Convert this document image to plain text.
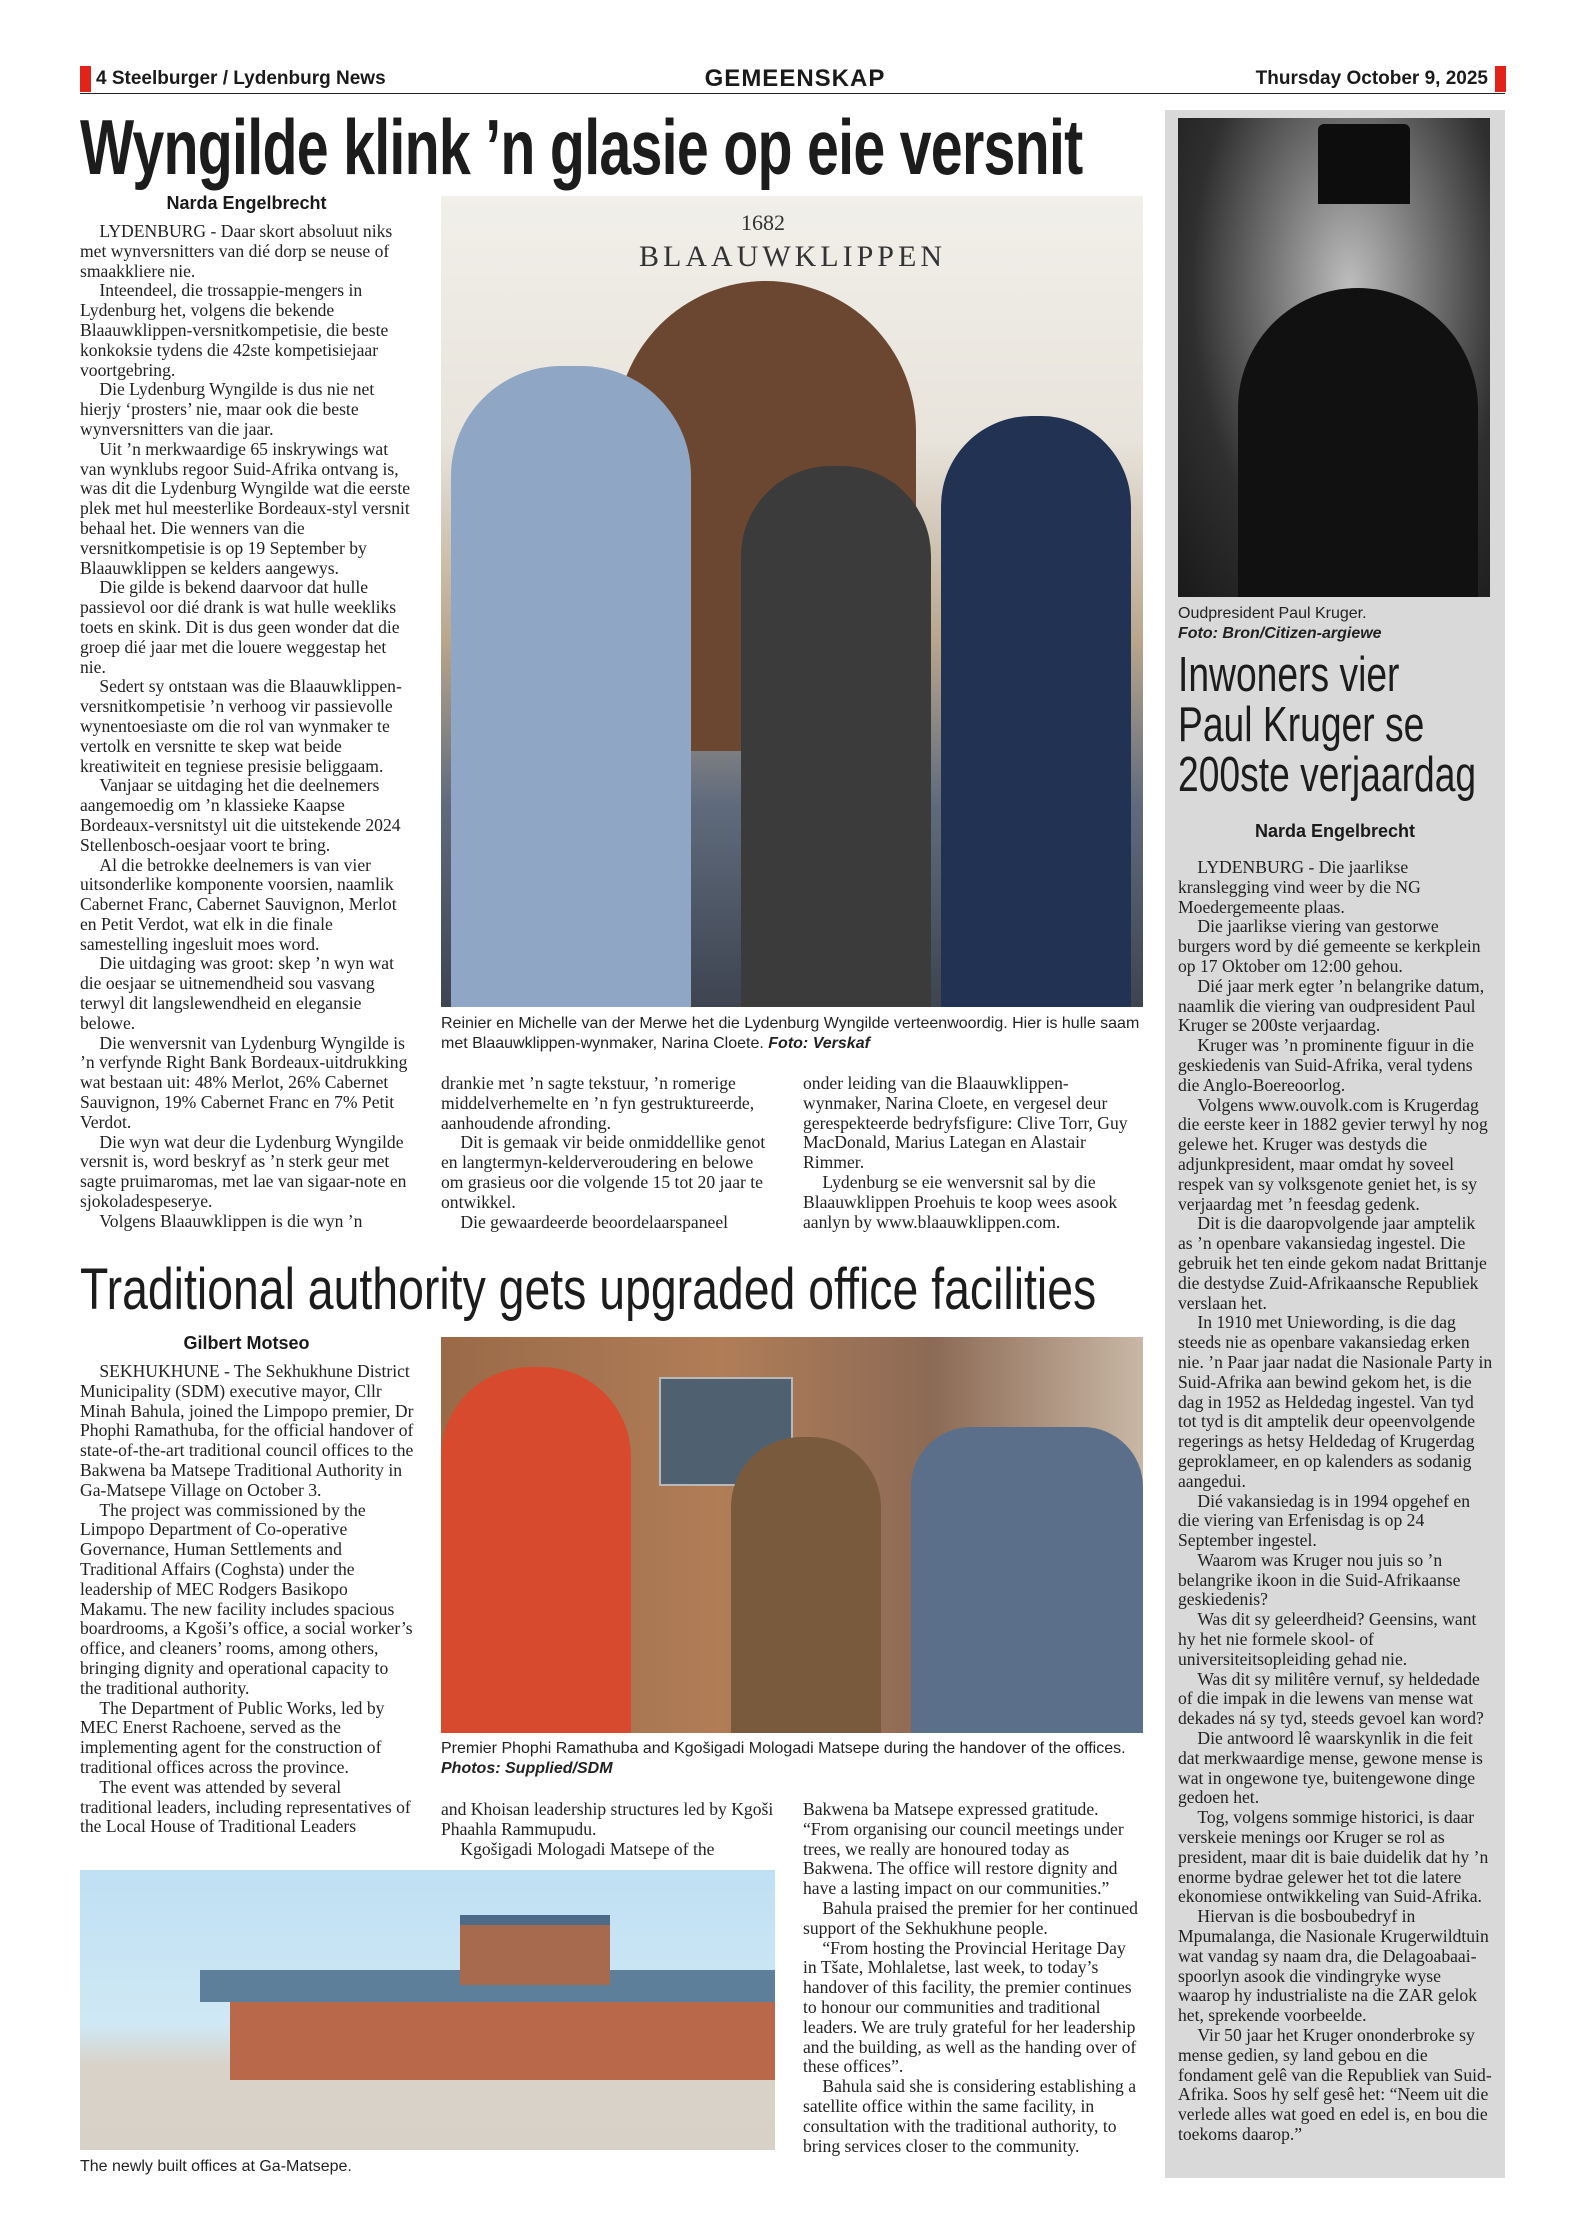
4 Steelburger / Lydenburg News	GEMEENSKAP	Thursday October 9, 2025
Wyngilde klink ’n glasie op eie versnit
Narda Engelbrecht

LYDENBURG - Daar skort absoluut niks met wynversnitters van dié dorp se neuse of smaakkliere nie.

Inteendeel, die trossappie-mengers in Lydenburg het, volgens die bekende Blaauwklippen-versnitkompetisie, die beste konkoksie tydens die 42ste kompetisiejaar voortgebring.

Die Lydenburg Wyngilde is dus nie net hierjy ‘prosters’ nie, maar ook die beste wynversnitters van die jaar.

Uit ’n merkwaardige 65 inskrywings wat van wynklubs regoor Suid-Afrika ontvang is, was dit die Lydenburg Wyngilde wat die eerste plek met hul meesterlike Bordeaux-styl versnit behaal het. Die wenners van die versnitkompetisie is op 19 September by Blaauwklippen se kelders aangewys.

Die gilde is bekend daarvoor dat hulle passievol oor dié drank is wat hulle weekliks toets en skink. Dit is dus geen wonder dat die groep dié jaar met die louere weggestap het nie.

Sedert sy ontstaan was die Blaauwklippen-versnitkompetisie ’n verhoog vir passievolle wynentoesiaste om die rol van wynmaker te vertolk en versnitte te skep wat beide kreatiwiteit en tegniese presisie beliggaam.

Vanjaar se uitdaging het die deelnemers aangemoedig om ’n klassieke Kaapse Bordeaux-versnitstyl uit die uitstekende 2024 Stellenbosch-oesjaar voort te bring.

Al die betrokke deelnemers is van vier uitsonderlike komponente voorsien, naamlik Cabernet Franc, Cabernet Sauvignon, Merlot en Petit Verdot, wat elk in die finale samestelling ingesluit moes word.

Die uitdaging was groot: skep ’n wyn wat die oesjaar se uitnemendheid sou vasvang terwyl dit langslewendheid en elegansie belowe.

Die wenversnit van Lydenburg Wyngilde is ’n verfynde Right Bank Bordeaux-uitdrukking wat bestaan uit: 48% Merlot, 26% Cabernet Sauvignon, 19% Cabernet Franc en 7% Petit Verdot.

Die wyn wat deur die Lydenburg Wyngilde versnit is, word beskryf as ’n sterk geur met sagte pruimaromas, met lae van sigaar-note en sjokoladespeserye.

Volgens Blaauwklippen is die wyn ’n

1682
BLAAUWKLIPPEN
Reinier en Michelle van der Merwe het die Lydenburg Wyngilde verteenwoordig. Hier is hulle saam met Blaauwklippen-wynmaker, Narina Cloete. Foto: Verskaf

drankie met ’n sagte tekstuur, ’n romerige middelverhemelte en ’n fyn gestruktureerde, aanhoudende afronding.

Dit is gemaak vir beide onmiddellike genot en langtermyn-kelderveroudering en belowe om grasieus oor die volgende 15 tot 20 jaar te ontwikkel.

Die gewaardeerde beoordelaarspaneel

onder leiding van die Blaauwklippen-wynmaker, Narina Cloete, en vergesel deur gerespekteerde bedryfsfigure: Clive Torr, Guy MacDonald, Marius Lategan en Alastair Rimmer.

Lydenburg se eie wenversnit sal by die Blaauwklippen Proehuis te koop wees asook aanlyn by www.blaauwklippen.com.

Oudpresident Paul Kruger.
Foto: Bron/Citizen-argiewe
Inwoners vier
Paul Kruger se
200ste verjaardag
Narda Engelbrecht

LYDENBURG - Die jaarlikse kranslegging vind weer by die NG Moedergemeente plaas.

Die jaarlikse viering van gestorwe burgers word by dié gemeente se kerkplein op 17 Oktober om 12:00 gehou.

Dié jaar merk egter ’n belangrike datum, naamlik die viering van oudpresident Paul Kruger se 200ste verjaardag.

Kruger was ’n prominente figuur in die geskiedenis van Suid-Afrika, veral tydens die Anglo-Boereoorlog.

Volgens www.ouvolk.com is Krugerdag die eerste keer in 1882 gevier terwyl hy nog gelewe het. Kruger was destyds die adjunkpresident, maar omdat hy soveel respek van sy volksgenote geniet het, is sy verjaardag met ’n feesdag gedenk.

Dit is die daaropvolgende jaar amptelik as ’n openbare vakansiedag ingestel. Die gebruik het ten einde gekom nadat Brittanje die destydse Zuid-Afrikaansche Republiek verslaan het.

In 1910 met Uniewording, is die dag steeds nie as openbare vakansiedag erken nie. ’n Paar jaar nadat die Nasionale Party in Suid-Afrika aan bewind gekom het, is die dag in 1952 as Heldedag ingestel. Van tyd tot tyd is dit amptelik deur opeenvolgende regerings as hetsy Heldedag of Krugerdag geproklameer, en op kalenders as sodanig aangedui.

Dié vakansiedag is in 1994 opgehef en die viering van Erfenisdag is op 24 September ingestel.

Waarom was Kruger nou juis so ’n belangrike ikoon in die Suid-Afrikaanse geskiedenis?

Was dit sy geleerdheid? Geensins, want hy het nie formele skool- of universiteitsopleiding gehad nie.

Was dit sy militêre vernuf, sy heldedade of die impak in die lewens van mense wat dekades ná sy tyd, steeds gevoel kan word?

Die antwoord lê waarskynlik in die feit dat merkwaardige mense, gewone mense is wat in ongewone tye, buitengewone dinge gedoen het.

Tog, volgens sommige historici, is daar verskeie menings oor Kruger se rol as president, maar dit is baie duidelik dat hy ’n enorme bydrae gelewer het tot die latere ekonomiese ontwikkeling van Suid-Afrika.

Hiervan is die bosboubedryf in Mpumalanga, die Nasionale Krugerwildtuin wat vandag sy naam dra, die Delagoabaai-spoorlyn asook die vindingryke wyse waarop hy industrialiste na die ZAR gelok het, sprekende voorbeelde.

Vir 50 jaar het Kruger ononderbroke sy mense gedien, sy land gebou en die fondament gelê van die Republiek van Suid-Afrika. Soos hy self gesê het: “Neem uit die verlede alles wat goed en edel is, en bou die toekoms daarop.”

Traditional authority gets upgraded office facilities
Gilbert Motseo

SEKHUKHUNE - The Sekhukhune District Municipality (SDM) executive mayor, Cllr Minah Bahula, joined the Limpopo premier, Dr Phophi Ramathuba, for the official handover of state-of-the-art traditional council offices to the Bakwena ba Matsepe Traditional Authority in Ga-Matsepe Village on October 3.

The project was commissioned by the Limpopo Department of Co-operative Governance, Human Settlements and Traditional Affairs (Coghsta) under the leadership of MEC Rodgers Basikopo Makamu. The new facility includes spacious boardrooms, a Kgoši’s office, a social worker’s office, and cleaners’ rooms, among others, bringing dignity and operational capacity to the traditional authority.

The Department of Public Works, led by MEC Enerst Rachoene, served as the implementing agent for the construction of traditional offices across the province.

The event was attended by several traditional leaders, including representatives of the Local House of Traditional Leaders

Premier Phophi Ramathuba and Kgošigadi Mologadi Matsepe during the handover of the offices. Photos: Supplied/SDM

and Khoisan leadership structures led by Kgoši Phaahla Rammupudu.

Kgošigadi Mologadi Matsepe of the

Bakwena ba Matsepe expressed gratitude. “From organising our council meetings under trees, we really are honoured today as Bakwena. The office will restore dignity and have a lasting impact on our communities.”

Bahula praised the premier for her continued support of the Sekhukhune people.

“From hosting the Provincial Heritage Day in Tšate, Mohlaletse, last week, to today’s handover of this facility, the premier continues to honour our communities and traditional leaders. We are truly grateful for her leadership and the building, as well as the handing over of these offices”.

Bahula said she is considering establishing a satellite office within the same facility, in consultation with the traditional authority, to bring services closer to the community.

The newly built offices at Ga-Matsepe.
